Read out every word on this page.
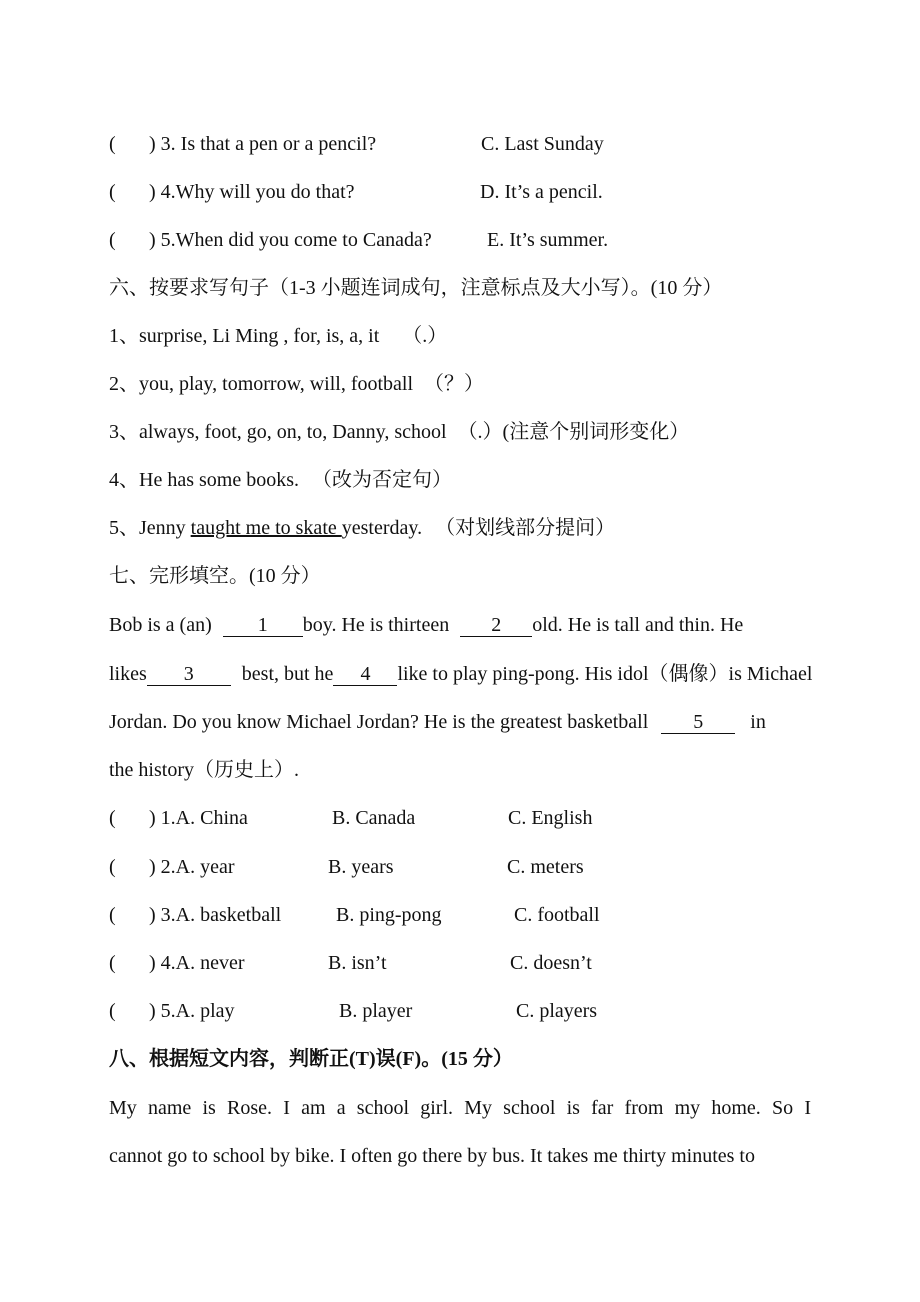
( ) 3. Is that a pen or a pencil?	C. Last Sunday
( ) 4.Why will you do that?	D. It’s a pencil.
( ) 5.When did you come to Canada?	E. It’s summer.
六、按要求写句子（1-3 小题连词成句，注意标点及大小写）。(10 分）
1、surprise, Li Ming , for, is, a, it （.）
2、you, play, tomorrow, will, football （？）
3、always, foot, go, on, to, Danny, school （.）(注意个别词形变化）
4、He has some books. （改为否定句）
5、Jenny taught me to skate yesterday. （对划线部分提问）
七、完形填空。(10 分）
Bob is a (an) 1 boy. He is thirteen 2 old. He is tall and thin. He
likes 3 best, but he 4 like to play ping-pong. His idol（偶像）is Michael
Jordan. Do you know Michael Jordan? He is the greatest basketball 5 in
the history（历史上）.
( ) 1.A. China	B. Canada	C. English
( ) 2.A. year	B. years	C. meters
( ) 3.A. basketball	B. ping-pong	C. football
( ) 4.A. never	B. isn’t	C. doesn’t
( ) 5.A. play	B. player	C. players
八、根据短文内容，判断正(T)误(F)。(15 分）
My name is Rose. I am a school girl. My school is far from my home. So I
cannot go to school by bike. I often go there by bus. It takes me thirty minutes to
